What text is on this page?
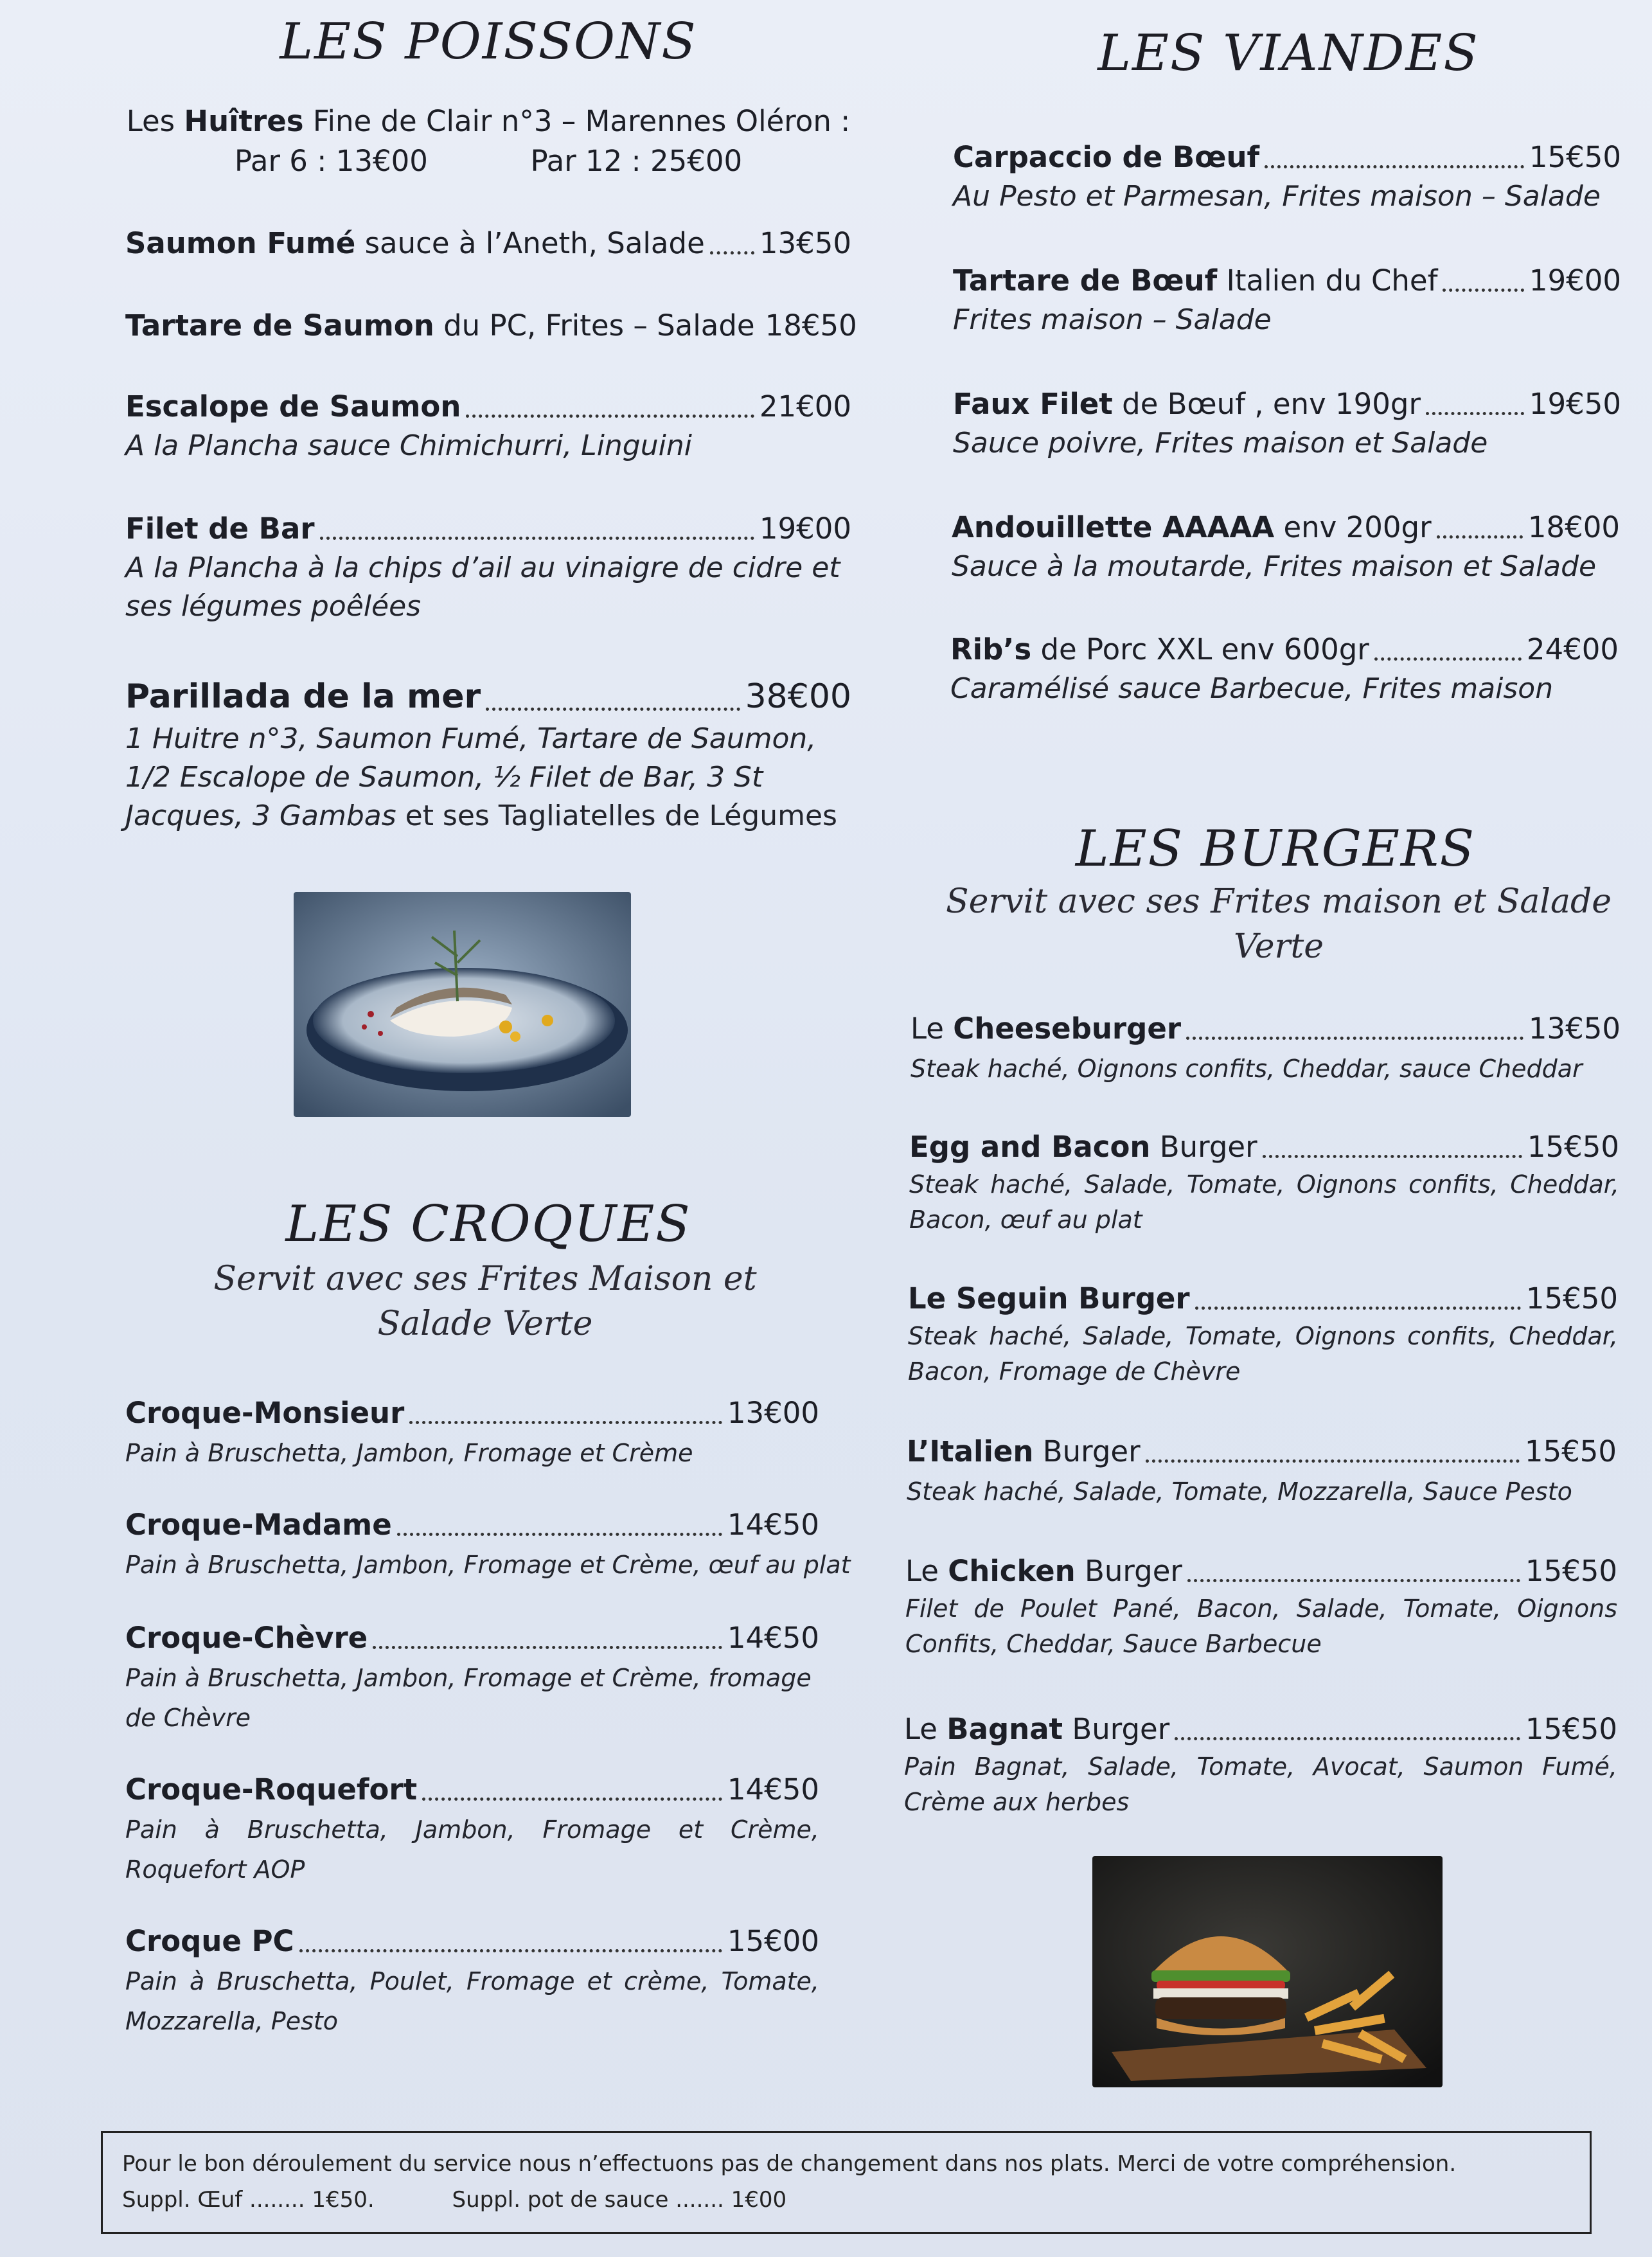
LES POISSONS
Les Huîtres Fine de Clair n°3 – Marennes Oléron :
Par 6 : 13€00	Par 12 : 25€00
Saumon Fumé sauce à l’Aneth, Salade 13€50
Tartare de Saumon du PC, Frites – Salade 18€50
Escalope de Saumon	21€00
A la Plancha sauce Chimichurri, Linguini
Filet de Bar	19€00
A la Plancha à la chips d’ail au vinaigre de cidre et ses légumes poêlées
Parillada de la mer	38€00
1 Huitre n°3, Saumon Fumé, Tartare de Saumon, 1/2 Escalope de Saumon, ½ Filet de Bar, 3 St Jacques, 3 Gambas et ses Tagliatelles de Légumes
LES CROQUES
Servit avec ses Frites Maison et Salade Verte
Croque-Monsieur	13€00
Pain à Bruschetta, Jambon, Fromage et Crème
Croque-Madame	14€50
Pain à Bruschetta, Jambon, Fromage et Crème, œuf au plat
Croque-Chèvre	14€50
Pain à Bruschetta, Jambon, Fromage et Crème, fromage de Chèvre
Croque-Roquefort	14€50
Pain à Bruschetta, Jambon, Fromage et Crème, Roquefort AOP
Croque PC	15€00
Pain à Bruschetta, Poulet, Fromage et crème, Tomate, Mozzarella, Pesto
LES VIANDES
Carpaccio de Bœuf	15€50
Au Pesto et Parmesan, Frites maison – Salade
Tartare de Bœuf Italien du Chef	19€00
Frites maison – Salade
Faux Filet de Bœuf , env 190gr	19€50
Sauce poivre, Frites maison et Salade
Andouillette AAAAA env 200gr	18€00
Sauce à la moutarde, Frites maison et Salade
Rib’s de Porc XXL env 600gr	24€00
Caramélisé sauce Barbecue, Frites maison
LES BURGERS
Servit avec ses Frites maison et Salade Verte
Le Cheeseburger	13€50
Steak haché, Oignons confits, Cheddar, sauce Cheddar
Egg and Bacon Burger	15€50
Steak haché, Salade, Tomate, Oignons confits, Cheddar, Bacon, œuf au plat
Le Seguin Burger	15€50
Steak haché, Salade, Tomate, Oignons confits, Cheddar, Bacon, Fromage de Chèvre
L’Italien Burger	15€50
Steak haché, Salade, Tomate, Mozzarella, Sauce Pesto
Le Chicken Burger	15€50
Filet de Poulet Pané, Bacon, Salade, Tomate, Oignons Confits, Cheddar, Sauce Barbecue
Le Bagnat Burger	15€50
Pain Bagnat, Salade, Tomate, Avocat, Saumon Fumé, Crème aux herbes
Pour le bon déroulement du service nous n’effectuons pas de changement dans nos plats. Merci de votre compréhension.
Suppl. Œuf ........ 1€50.	Suppl. pot de sauce ....... 1€00
